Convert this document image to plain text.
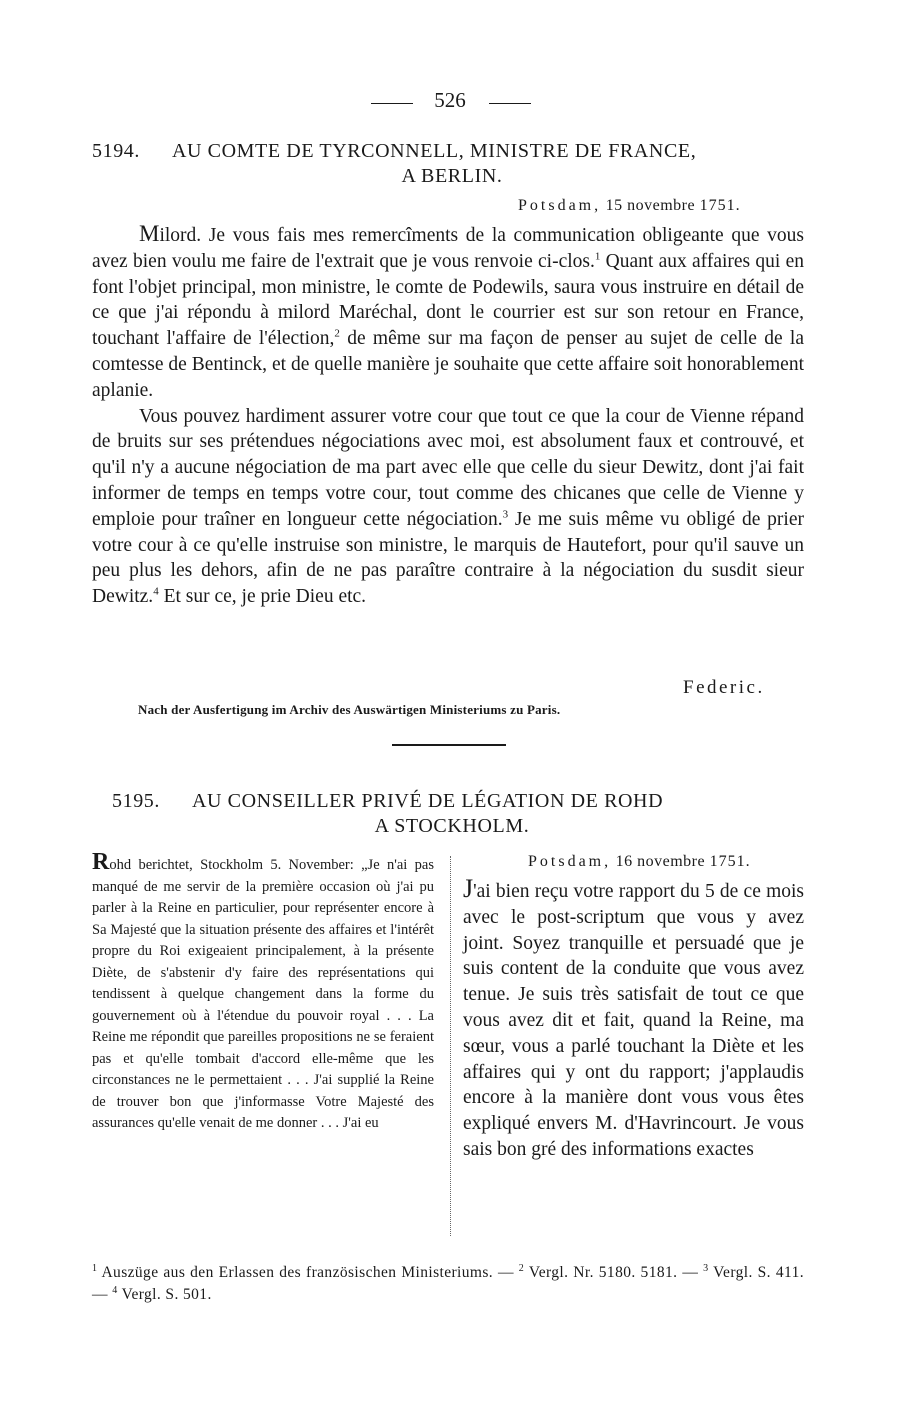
526
5194. AU COMTE DE TYRCONNELL, MINISTRE DE FRANCE,
A BERLIN.
Potsdam, 15 novembre 1751.

Milord. Je vous fais mes remercîments de la communication obligeante que vous avez bien voulu me faire de l'extrait que je vous renvoie ci-clos.$^1$ Quant aux affaires qui en font l'objet principal, mon ministre, le comte de Podewils, saura vous instruire en détail de ce que j'ai répondu à milord Maréchal, dont le courrier est sur son retour en France, touchant l'affaire de l'élection,$^2$ de même sur ma façon de penser au sujet de celle de la comtesse de Bentinck, et de quelle manière je souhaite que cette affaire soit honorablement aplanie.

Vous pouvez hardiment assurer votre cour que tout ce que la cour de Vienne répand de bruits sur ses prétendues négociations avec moi, est absolument faux et controuvé, et qu'il n'y a aucune négociation de ma part avec elle que celle du sieur Dewitz, dont j'ai fait informer de temps en temps votre cour, tout comme des chicanes que celle de Vienne y emploie pour traîner en longueur cette négociation.$^3$ Je me suis même vu obligé de prier votre cour à ce qu'elle instruise son ministre, le marquis de Hautefort, pour qu'il sauve un peu plus les dehors, afin de ne pas paraître contraire à la négociation du susdit sieur Dewitz.$^4$ Et sur ce, je prie Dieu etc.

Federic.
Nach der Ausfertigung im Archiv des Auswärtigen Ministeriums zu Paris.
5195. AU CONSEILLER PRIVÉ DE LÉGATION DE ROHD
A STOCKHOLM.
Rohd berichtet, Stockholm 5. November: „Je n'ai pas manqué de me servir de la première occasion où j'ai pu parler à la Reine en particulier, pour représenter encore à Sa Majesté que la situation présente des affaires et l'intérêt propre du Roi exigeaient principalement, à la présente Diète, de s'abstenir d'y faire des représentations qui tendissent à quelque changement dans la forme du gouvernement où à l'étendue du pouvoir royal . . . La Reine me répondit que pareilles propositions ne se feraient pas et qu'elle tombait d'accord elle-même que les circonstances ne le permettaient . . . J'ai supplié la Reine de trouver bon que j'informasse Votre Majesté des assurances qu'elle venait de me donner . . . J'ai eu
Potsdam, 16 novembre 1751.
J'ai bien reçu votre rapport du 5 de ce mois avec le post-scriptum que vous y avez joint. Soyez tranquille et persuadé que je suis content de la conduite que vous avez tenue. Je suis très satisfait de tout ce que vous avez dit et fait, quand la Reine, ma sœur, vous a parlé touchant la Diète et les affaires qui y ont du rapport; j'applaudis encore à la manière dont vous vous êtes expliqué envers M. d'Havrincourt. Je vous sais bon gré des informations exactes
$^1$ Auszüge aus den Erlassen des französischen Ministeriums. — $^2$ Vergl. Nr. 5180. 5181. — $^3$ Vergl. S. 411. — $^4$ Vergl. S. 501.
